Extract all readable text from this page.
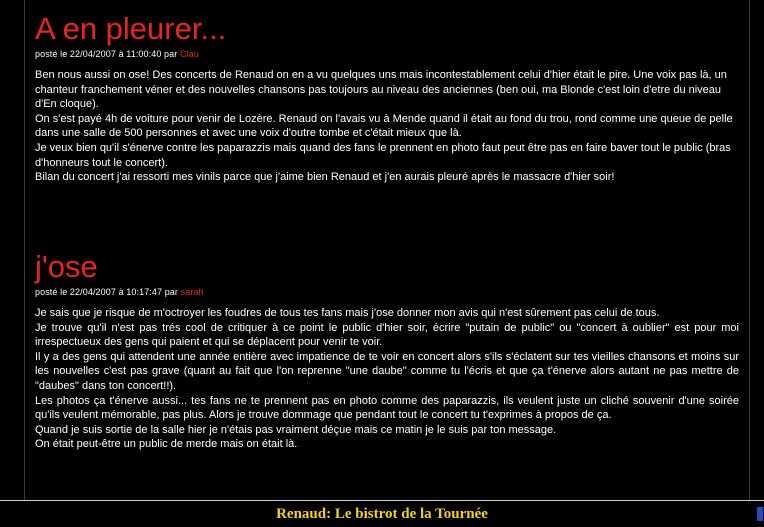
A en pleurer...
posté le 22/04/2007 à 11:00:40 par Clau

Ben nous aussi on ose! Des concerts de Renaud on en a vu quelques uns mais incontestablement celui d'hier était le pire. Une voix pas là, un chanteur franchement véner et des nouvelles chansons pas toujours au niveau des anciennes (ben oui, ma Blonde c'est loin d'etre du niveau d'En cloque).

On s'est payé 4h de voiture pour venir de Lozère. Renaud on l'avais vu à Mende quand il était au fond du trou, rond comme une queue de pelle dans une salle de 500 personnes et avec une voix d'outre tombe et c'était mieux que là.

Je veux bien qu'il s'énerve contre les paparazzis mais quand des fans le prennent en photo faut peut être pas en faire baver tout le public (bras d'honneurs tout le concert).

Bilan du concert j'ai ressorti mes vinils parce que j'aime bien Renaud et j'en aurais pleuré après le massacre d'hier soir!

j'ose
posté le 22/04/2007 à 10:17:47 par sarah

Je sais que je risque de m'octroyer les foudres de tous tes fans mais j'ose donner mon avis qui n'est sûrement pas celui de tous.

Je trouve qu'il n'est pas trés cool de critiquer à ce point le public d'hier soir, écrire "putain de public" ou "concert à oublier" est pour moi irrespectueux des gens qui paient et qui se déplacent pour venir te voir.

Il y a des gens qui attendent une année entière avec impatience de te voir en concert alors s'ils s'éclatent sur tes vieilles chansons et moins sur les nouvelles c'est pas grave (quant au fait que l'on reprenne "une daube" comme tu l'écris et que ça t'énerve alors autant ne pas mettre de "daubes" dans ton concert!!).

Les photos ça t'énerve aussi... tes fans ne te prennent pas en photo comme des paparazzis, ils veulent juste un cliché souvenir d'une soirée qu'ils veulent mémorable, pas plus. Alors je trouve dommage que pendant tout le concert tu t'exprimes à propos de ça.

Quand je suis sortie de la salle hier je n'étais pas vraiment déçue mais ce matin je le suis par ton message.

On était peut-être un public de merde mais on était là.

Renaud: Le bistrot de la Tournée
